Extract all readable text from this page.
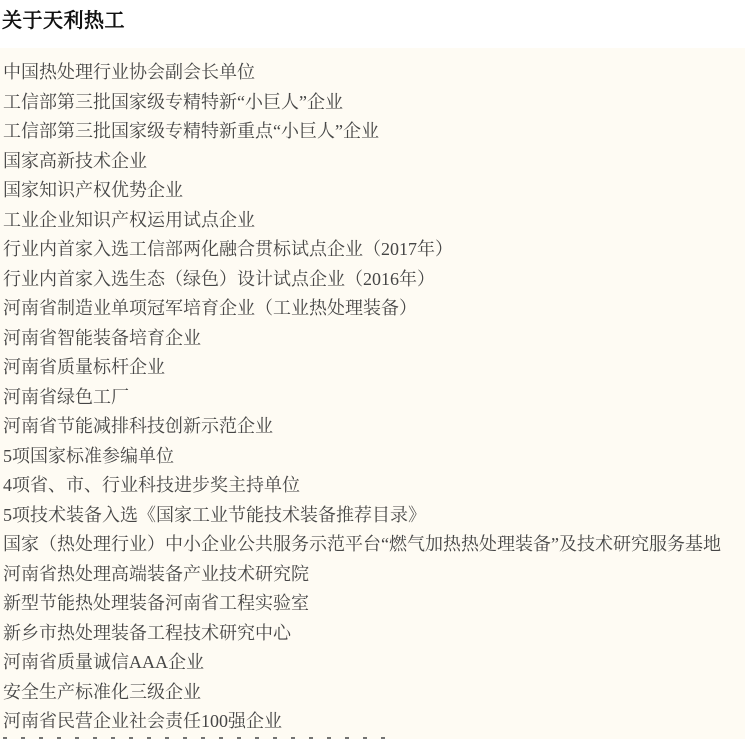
关于天利热工
中国热处理行业协会副会长单位
工信部第三批国家级专精特新“小巨人”企业
工信部第三批国家级专精特新重点“小巨人”企业
国家高新技术企业
国家知识产权优势企业
工业企业知识产权运用试点企业
行业内首家入选工信部两化融合贯标试点企业（2017年）
行业内首家入选生态（绿色）设计试点企业（2016年）
河南省制造业单项冠军培育企业（工业热处理装备）
河南省智能装备培育企业
河南省质量标杆企业
河南省绿色工厂
河南省节能减排科技创新示范企业
5项国家标准参编单位
4项省、市、行业科技进步奖主持单位
5项技术装备入选《国家工业节能技术装备推荐目录》
国家（热处理行业）中小企业公共服务示范平台“燃气加热热处理装备”及技术研究服务基地
河南省热处理高端装备产业技术研究院
新型节能热处理装备河南省工程实验室
新乡市热处理装备工程技术研究中心
河南省质量诚信AAA企业
安全生产标准化三级企业
河南省民营企业社会责任100强企业
